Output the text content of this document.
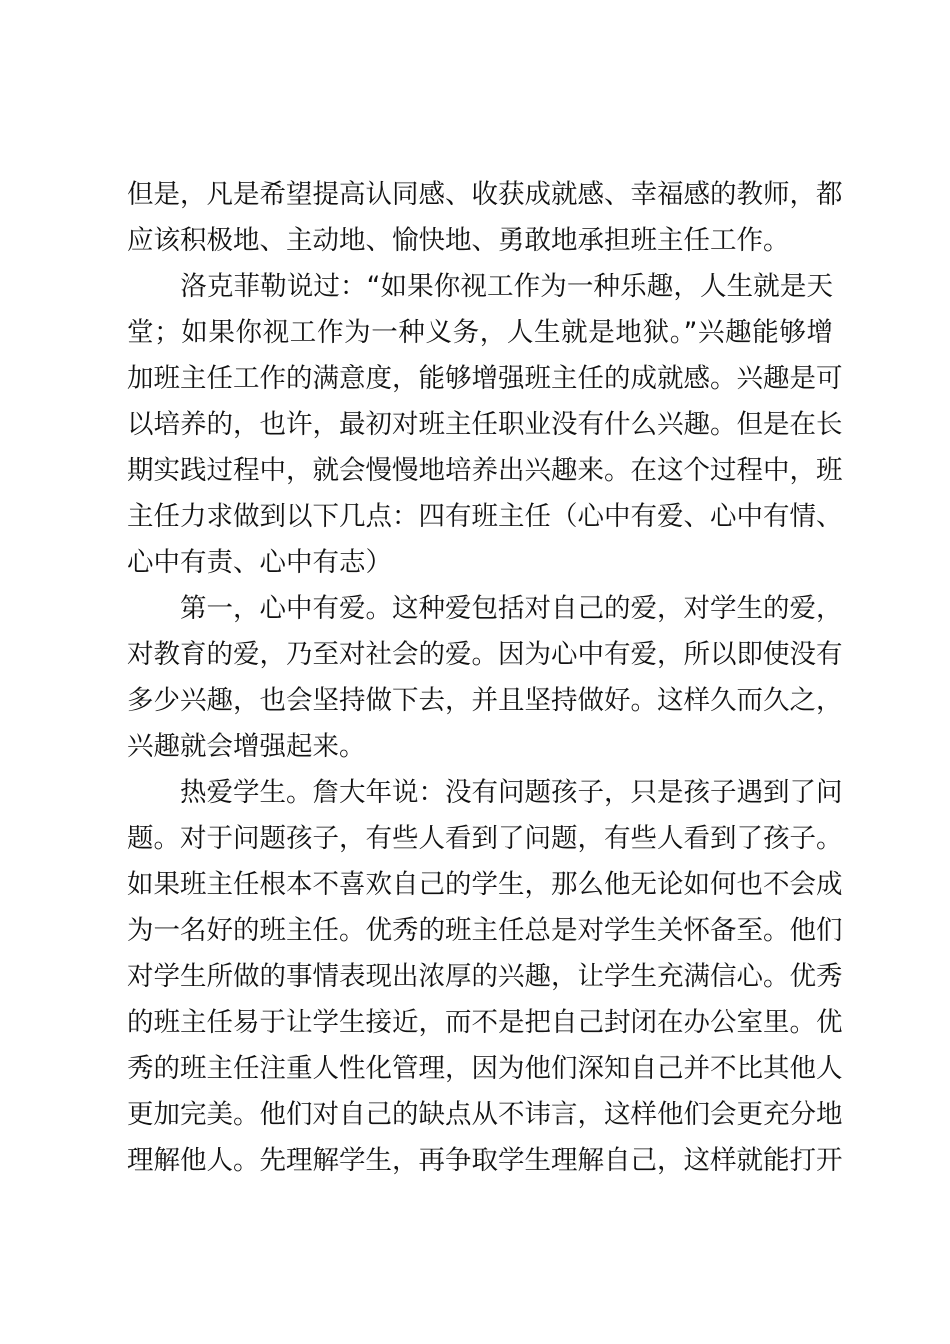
但是，凡是希望提高认同感、收获成就感、幸福感的教师，都
应该积极地、主动地、愉快地、勇敢地承担班主任工作。
　　洛克菲勒说过：“如果你视工作为一种乐趣，人生就是天
堂；如果你视工作为一种义务，人生就是地狱。”兴趣能够增
加班主任工作的满意度，能够增强班主任的成就感。兴趣是可
以培养的，也许，最初对班主任职业没有什么兴趣。但是在长
期实践过程中，就会慢慢地培养出兴趣来。在这个过程中，班
主任力求做到以下几点：四有班主任（心中有爱、心中有情、
心中有责、心中有志）
　　第一，心中有爱。这种爱包括对自己的爱，对学生的爱，
对教育的爱，乃至对社会的爱。因为心中有爱，所以即使没有
多少兴趣，也会坚持做下去，并且坚持做好。这样久而久之，
兴趣就会增强起来。
　　热爱学生。詹大年说：没有问题孩子，只是孩子遇到了问
题。对于问题孩子，有些人看到了问题，有些人看到了孩子。
如果班主任根本不喜欢自己的学生，那么他无论如何也不会成
为一名好的班主任。优秀的班主任总是对学生关怀备至。他们
对学生所做的事情表现出浓厚的兴趣，让学生充满信心。优秀
的班主任易于让学生接近，而不是把自己封闭在办公室里。优
秀的班主任注重人性化管理，因为他们深知自己并不比其他人
更加完美。他们对自己的缺点从不讳言，这样他们会更充分地
理解他人。先理解学生，再争取学生理解自己，这样就能打开
